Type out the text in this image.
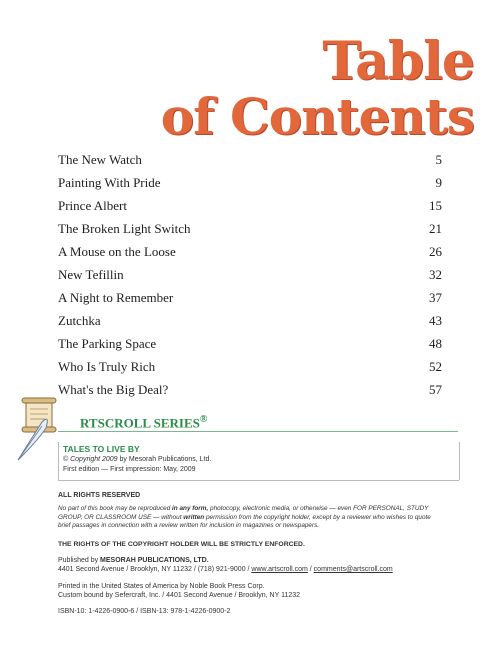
Table
of Contents
The New Watch	5
Painting With Pride	9
Prince Albert	15
The Broken Light Switch	21
A Mouse on the Loose	26
New Tefillin	32
A Night to Remember	37
Zutchka	43
The Parking Space	48
Who Is Truly Rich	52
What's the Big Deal?	57
RTSCROLL SERIES®
TALES TO LIVE BY
© Copyright 2009 by Mesorah Publications, Ltd.
First edition — First impression: May, 2009
ALL RIGHTS RESERVED
No part of this book may be reproduced in any form, photocopy, electronic media, or otherwise — even FOR PERSONAL, STUDY
GROUP, OR CLASSROOM USE — without written permission from the copyright holder, except by a reviewer who wishes to quote
brief passages in connection with a review written for inclusion in magazines or newspapers.
THE RIGHTS OF THE COPYRIGHT HOLDER WILL BE STRICTLY ENFORCED.
Published by MESORAH PUBLICATIONS, LTD.
4401 Second Avenue / Brooklyn, NY 11232 / (718) 921-9000 / www.artscroll.com / comments@artscroll.com
Printed in the United States of America by Noble Book Press Corp.
Custom bound by Sefercraft, Inc. / 4401 Second Avenue / Brooklyn, NY 11232
ISBN-10: 1-4226-0900-6 / ISBN-13: 978-1-4226-0900-2
